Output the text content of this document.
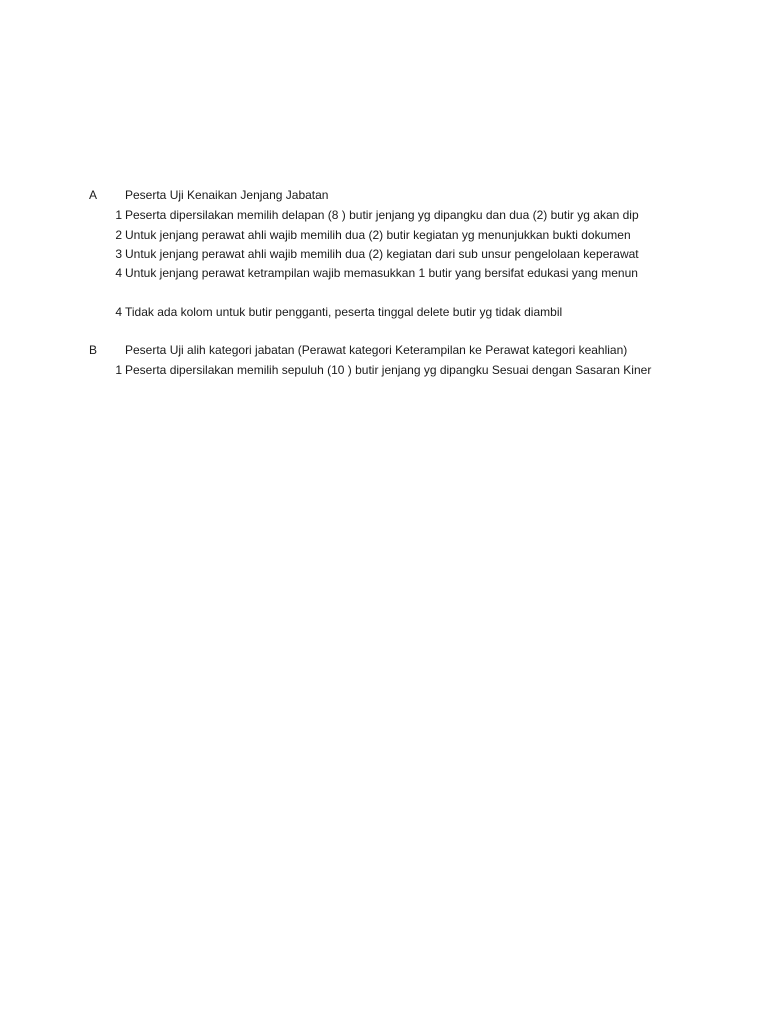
A Peserta Uji Kenaikan Jenjang Jabatan
1 Peserta dipersilakan memilih delapan (8 ) butir jenjang yg dipangku dan dua (2) butir yg akan dip
2 Untuk jenjang perawat ahli wajib memilih dua (2) butir kegiatan yg menunjukkan bukti dokumen
3 Untuk jenjang perawat ahli wajib memilih dua (2) kegiatan dari sub unsur pengelolaan keperawat
4 Untuk jenjang perawat ketrampilan wajib memasukkan 1 butir yang bersifat edukasi yang menun
4 Tidak ada kolom untuk butir pengganti, peserta tinggal delete butir yg tidak diambil
B Peserta Uji alih kategori jabatan (Perawat kategori Keterampilan ke Perawat kategori keahlian)
1 Peserta dipersilakan memilih sepuluh (10 ) butir jenjang yg dipangku Sesuai dengan Sasaran Kiner
